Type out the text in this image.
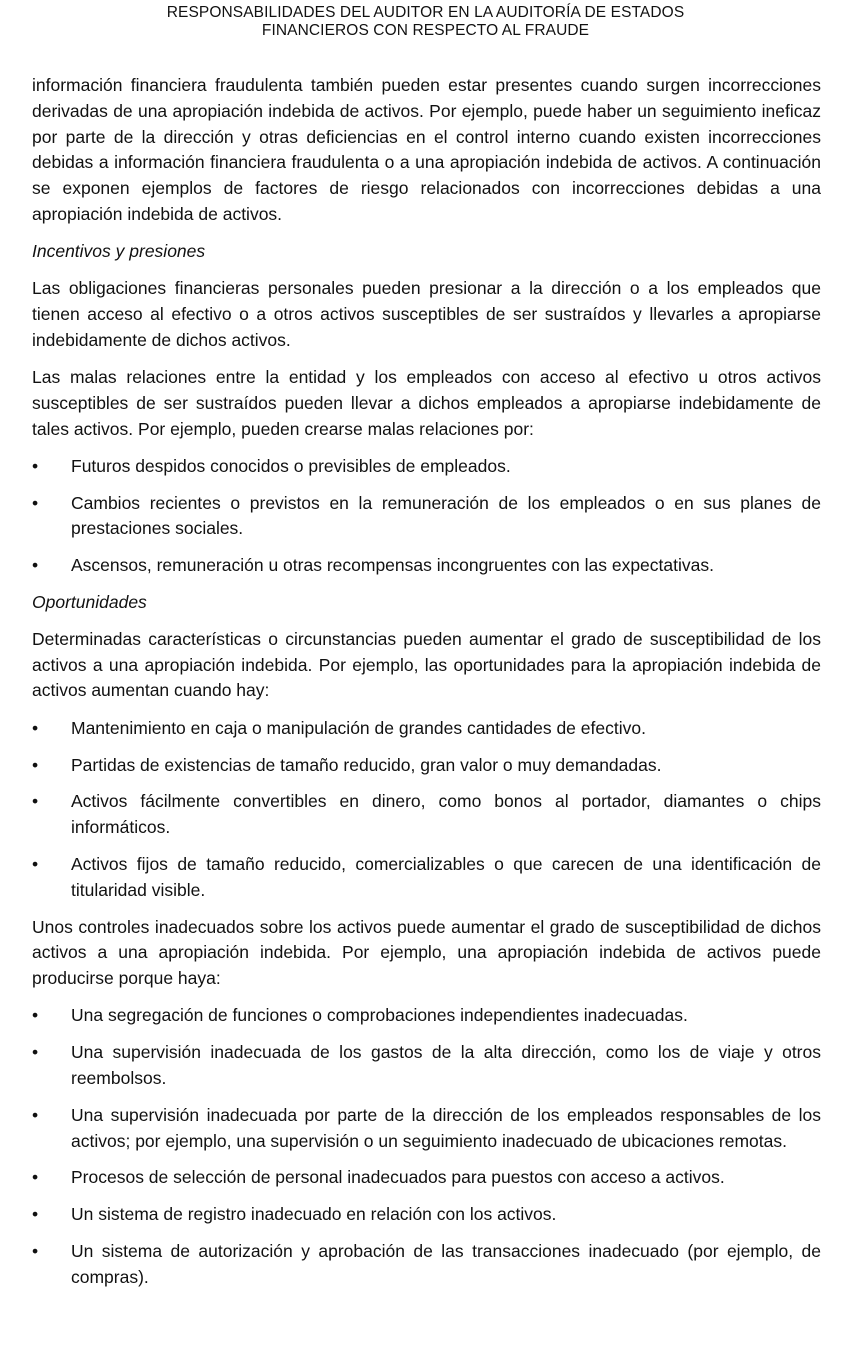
RESPONSABILIDADES DEL AUDITOR EN LA AUDITORÍA DE ESTADOS
FINANCIEROS CON RESPECTO AL FRAUDE

información financiera fraudulenta también pueden estar presentes cuando surgen incorrecciones derivadas de una apropiación indebida de activos. Por ejemplo, puede haber un seguimiento ineficaz por parte de la dirección y otras deficiencias en el control interno cuando existen incorrecciones debidas a información financiera fraudulenta o a una apropiación indebida de activos. A continuación se exponen ejemplos de factores de riesgo relacionados con incorrecciones debidas a una apropiación indebida de activos.

Incentivos y presiones

Las obligaciones financieras personales pueden presionar a la dirección o a los empleados que tienen acceso al efectivo o a otros activos susceptibles de ser sustraídos y llevarles a apropiarse indebidamente de dichos activos.

Las malas relaciones entre la entidad y los empleados con acceso al efectivo u otros activos susceptibles de ser sustraídos pueden llevar a dichos empleados a apropiarse indebidamente de tales activos. Por ejemplo, pueden crearse malas relaciones por:

•	Futuros despidos conocidos o previsibles de empleados.
•	Cambios recientes o previstos en la remuneración de los empleados o en sus planes de prestaciones sociales.
•	Ascensos, remuneración u otras recompensas incongruentes con las expectativas.

Oportunidades

Determinadas características o circunstancias pueden aumentar el grado de susceptibilidad de los activos a una apropiación indebida. Por ejemplo, las oportunidades para la apropiación indebida de activos aumentan cuando hay:

•	Mantenimiento en caja o manipulación de grandes cantidades de efectivo.
•	Partidas de existencias de tamaño reducido, gran valor o muy demandadas.
•	Activos fácilmente convertibles en dinero, como bonos al portador, diamantes o chips informáticos.
•	Activos fijos de tamaño reducido, comercializables o que carecen de una identificación de titularidad visible.

Unos controles inadecuados sobre los activos puede aumentar el grado de susceptibilidad de dichos activos a una apropiación indebida. Por ejemplo, una apropiación indebida de activos puede producirse porque haya:

•	Una segregación de funciones o comprobaciones independientes inadecuadas.
•	Una supervisión inadecuada de los gastos de la alta dirección, como los de viaje y otros reembolsos.
•	Una supervisión inadecuada por parte de la dirección de los empleados responsables de los activos; por ejemplo, una supervisión o un seguimiento inadecuado de ubicaciones remotas.
•	Procesos de selección de personal inadecuados para puestos con acceso a activos.
•	Un sistema de registro inadecuado en relación con los activos.
•	Un sistema de autorización y aprobación de las transacciones inadecuado (por ejemplo, de compras).
